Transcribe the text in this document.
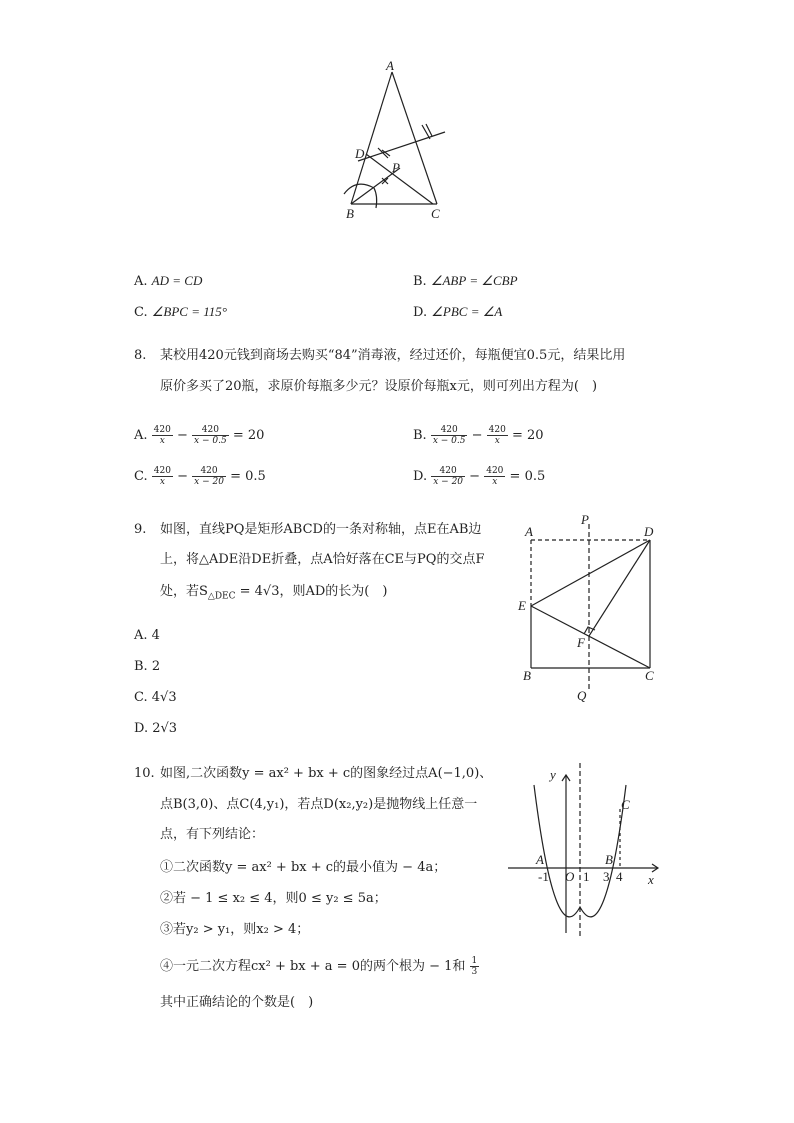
A
D
P
B	C
A. AD = CD	B. ∠ABP = ∠CBP
C. ∠BPC = 115°	D. ∠PBC = ∠A
8. 某校用420元钱到商场去购买“84”消毒液，经过还价，每瓶便宜0.5元，结果比用
原价多买了20瓶，求原价每瓶多少元？设原价每瓶x元，则可列出方程为(　)
A. $\frac{420}{x} - \frac{420}{x - 0.5} = 20$	B. $\frac{420}{x - 0.5} - \frac{420}{x} = 20$
C. $\frac{420}{x} - \frac{420}{x - 20} = 0.5$	D. $\frac{420}{x - 20} - \frac{420}{x} = 0.5$
9. 如图，直线PQ是矩形ABCD的一条对称轴，点E在AB边
上，将△ADE沿DE折叠，点A恰好落在CE与PQ的交点F
处，若$S_{\triangle DEC} = 4√3$，则AD的长为(　)
A. 4
B. 2
C. 4√3
D. 2√3
A
P
D
E
F
B	C
Q
10. 如图,二次函数y = ax² + bx + c的图象经过点A(−1,0)、
点B(3,0)、点C(4,y₁)，若点D(x₂,y₂)是抛物线上任意一
点，有下列结论：
①二次函数y = ax² + bx + c的最小值为 − 4a；
②若 − 1 ≤ x₂ ≤ 4，则0 ≤ y₂ ≤ 5a；
③若y₂ > y₁，则x₂ > 4；
④一元二次方程cx² + bx + a = 0的两个根为 − 1和 $\frac{1}{3}$
其中正确结论的个数是(　)
y
x
C
A	B
-1 O 1 3 4
